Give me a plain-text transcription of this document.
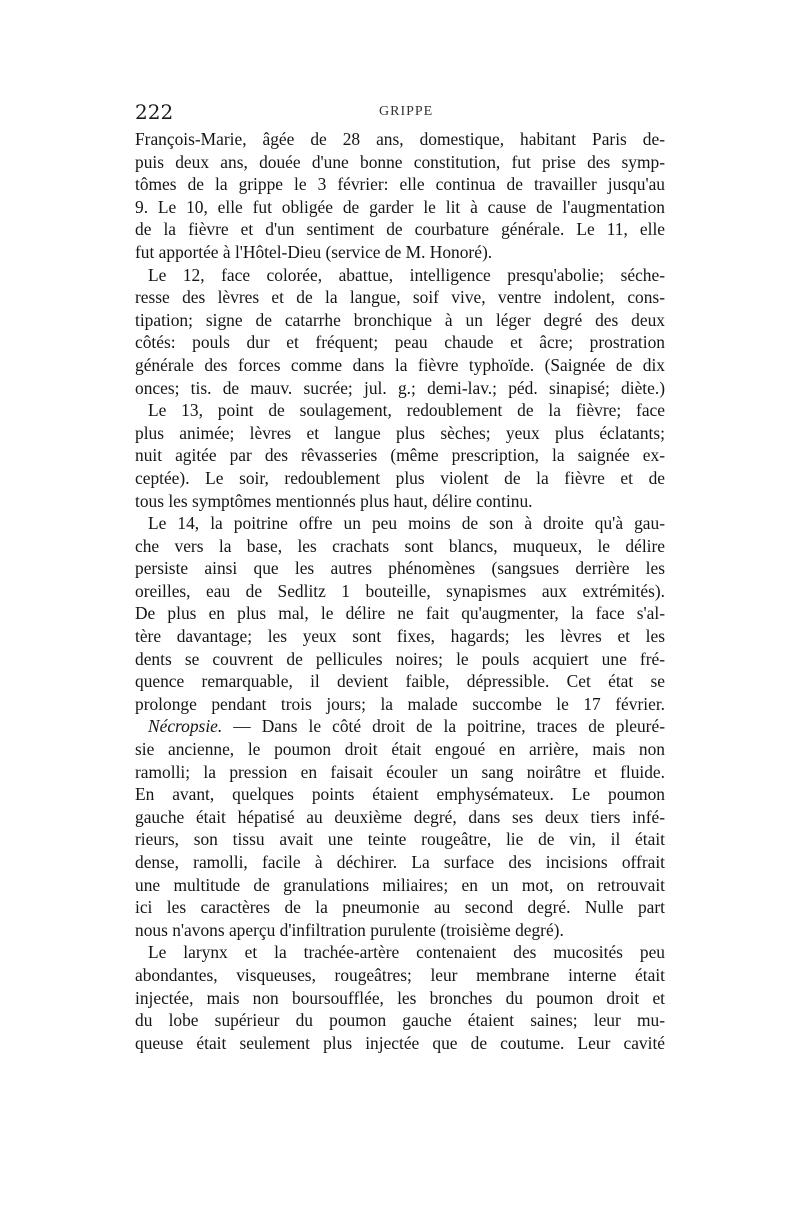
222	GRIPPE
François-Marie, âgée de 28 ans, domestique, habitant Paris de-
puis deux ans, douée d'une bonne constitution, fut prise des symp-
tômes de la grippe le 3 février: elle continua de travailler jusqu'au
9. Le 10, elle fut obligée de garder le lit à cause de l'augmentation
de la fièvre et d'un sentiment de courbature générale. Le 11, elle
fut apportée à l'Hôtel-Dieu (service de M. Honoré).
Le 12, face colorée, abattue, intelligence presqu'abolie; séche-
resse des lèvres et de la langue, soif vive, ventre indolent, cons-
tipation; signe de catarrhe bronchique à un léger degré des deux
côtés: pouls dur et fréquent; peau chaude et âcre; prostration
générale des forces comme dans la fièvre typhoïde. (Saignée de dix
onces; tis. de mauv. sucrée; jul. g.; demi-lav.; péd. sinapisé; diète.)
Le 13, point de soulagement, redoublement de la fièvre; face
plus animée; lèvres et langue plus sèches; yeux plus éclatants;
nuit agitée par des rêvasseries (même prescription, la saignée ex-
ceptée). Le soir, redoublement plus violent de la fièvre et de
tous les symptômes mentionnés plus haut, délire continu.
Le 14, la poitrine offre un peu moins de son à droite qu'à gau-
che vers la base, les crachats sont blancs, muqueux, le délire
persiste ainsi que les autres phénomènes (sangsues derrière les
oreilles, eau de Sedlitz 1 bouteille, synapismes aux extrémités).
De plus en plus mal, le délire ne fait qu'augmenter, la face s'al-
tère davantage; les yeux sont fixes, hagards; les lèvres et les
dents se couvrent de pellicules noires; le pouls acquiert une fré-
quence remarquable, il devient faible, dépressible. Cet état se
prolonge pendant trois jours; la malade succombe le 17 février.
Nécropsie. — Dans le côté droit de la poitrine, traces de pleuré-
sie ancienne, le poumon droit était engoué en arrière, mais non
ramolli; la pression en faisait écouler un sang noirâtre et fluide.
En avant, quelques points étaient emphysémateux. Le poumon
gauche était hépatisé au deuxième degré, dans ses deux tiers infé-
rieurs, son tissu avait une teinte rougeâtre, lie de vin, il était
dense, ramolli, facile à déchirer. La surface des incisions offrait
une multitude de granulations miliaires; en un mot, on retrouvait
ici les caractères de la pneumonie au second degré. Nulle part
nous n'avons aperçu d'infiltration purulente (troisième degré).
Le larynx et la trachée-artère contenaient des mucosités peu
abondantes, visqueuses, rougeâtres; leur membrane interne était
injectée, mais non boursoufflée, les bronches du poumon droit et
du lobe supérieur du poumon gauche étaient saines; leur mu-
queuse était seulement plus injectée que de coutume. Leur cavité
